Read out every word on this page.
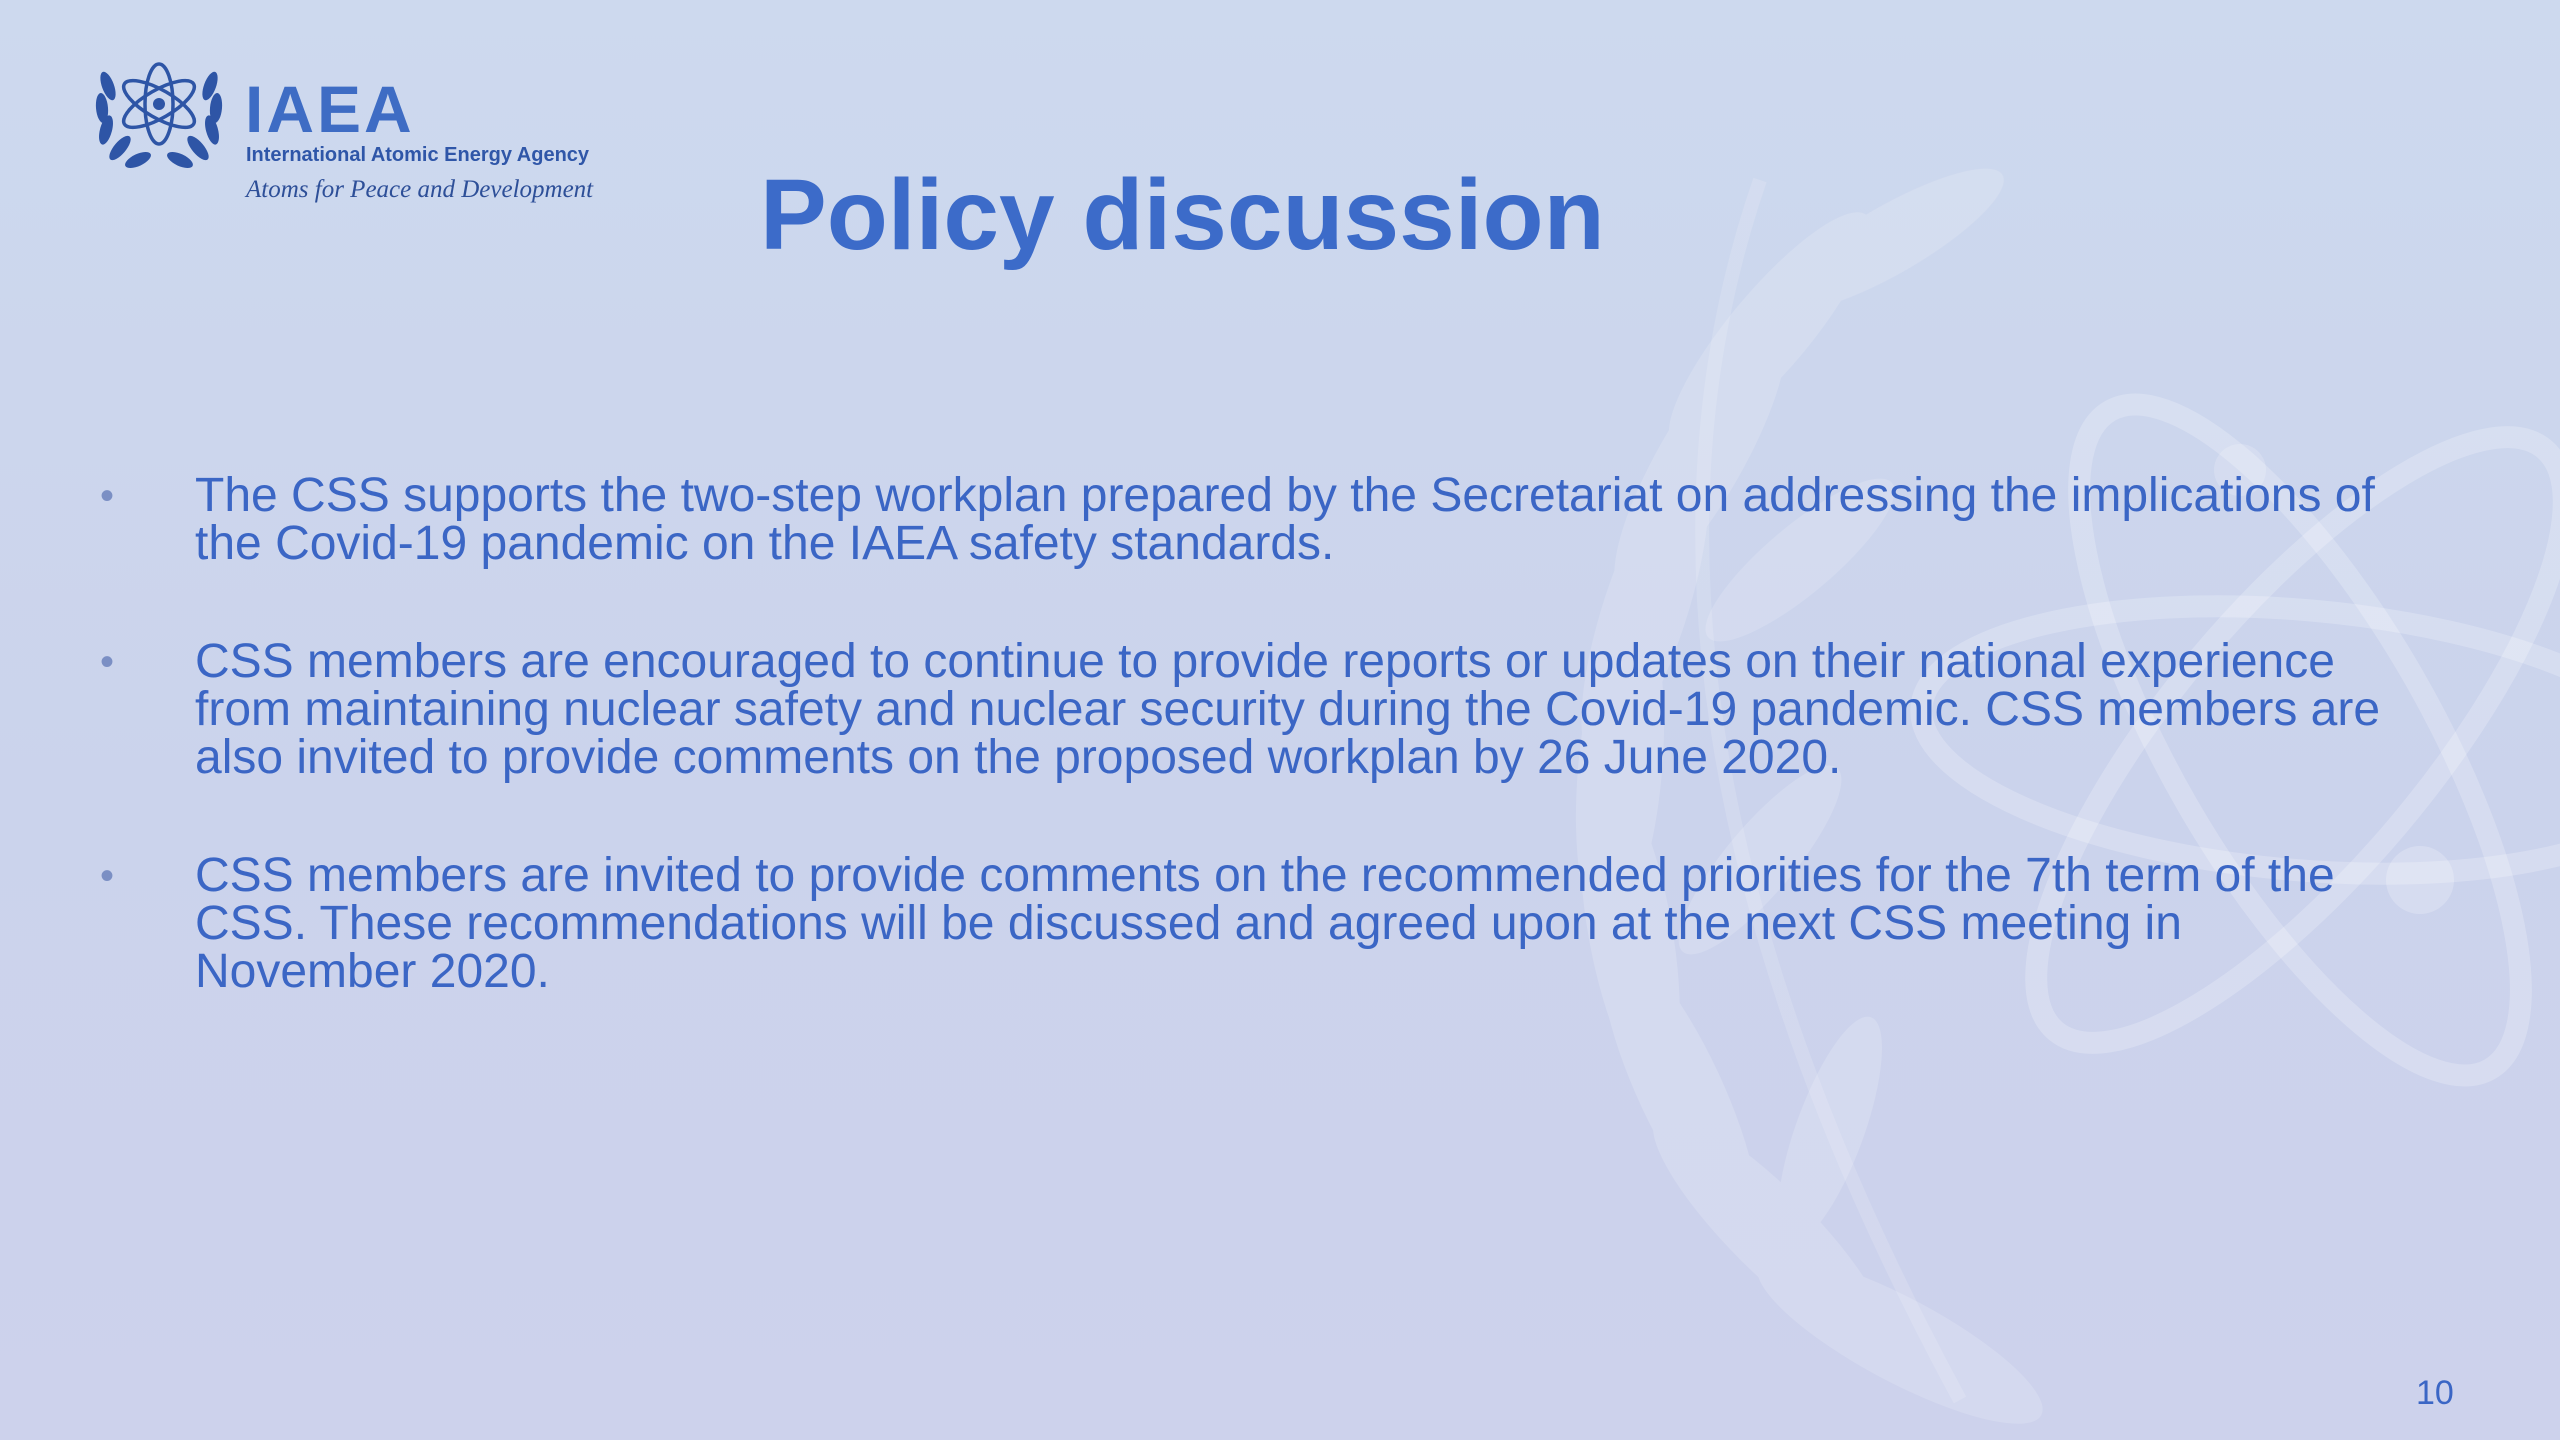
IAEA
International Atomic Energy Agency
Atoms for Peace and Development Policy discussion
• The CSS supports the two-step workplan prepared by the Secretariat on addressing the implications of the Covid-19 pandemic on the IAEA safety standards.
• CSS members are encouraged to continue to provide reports or updates on their national experience from maintaining nuclear safety and nuclear security during the Covid-19 pandemic. CSS members are also invited to provide comments on the proposed workplan by 26 June 2020.
• CSS members are invited to provide comments on the recommended priorities for the 7th term of the CSS. These recommendations will be discussed and agreed upon at the next CSS meeting in November 2020.
10
